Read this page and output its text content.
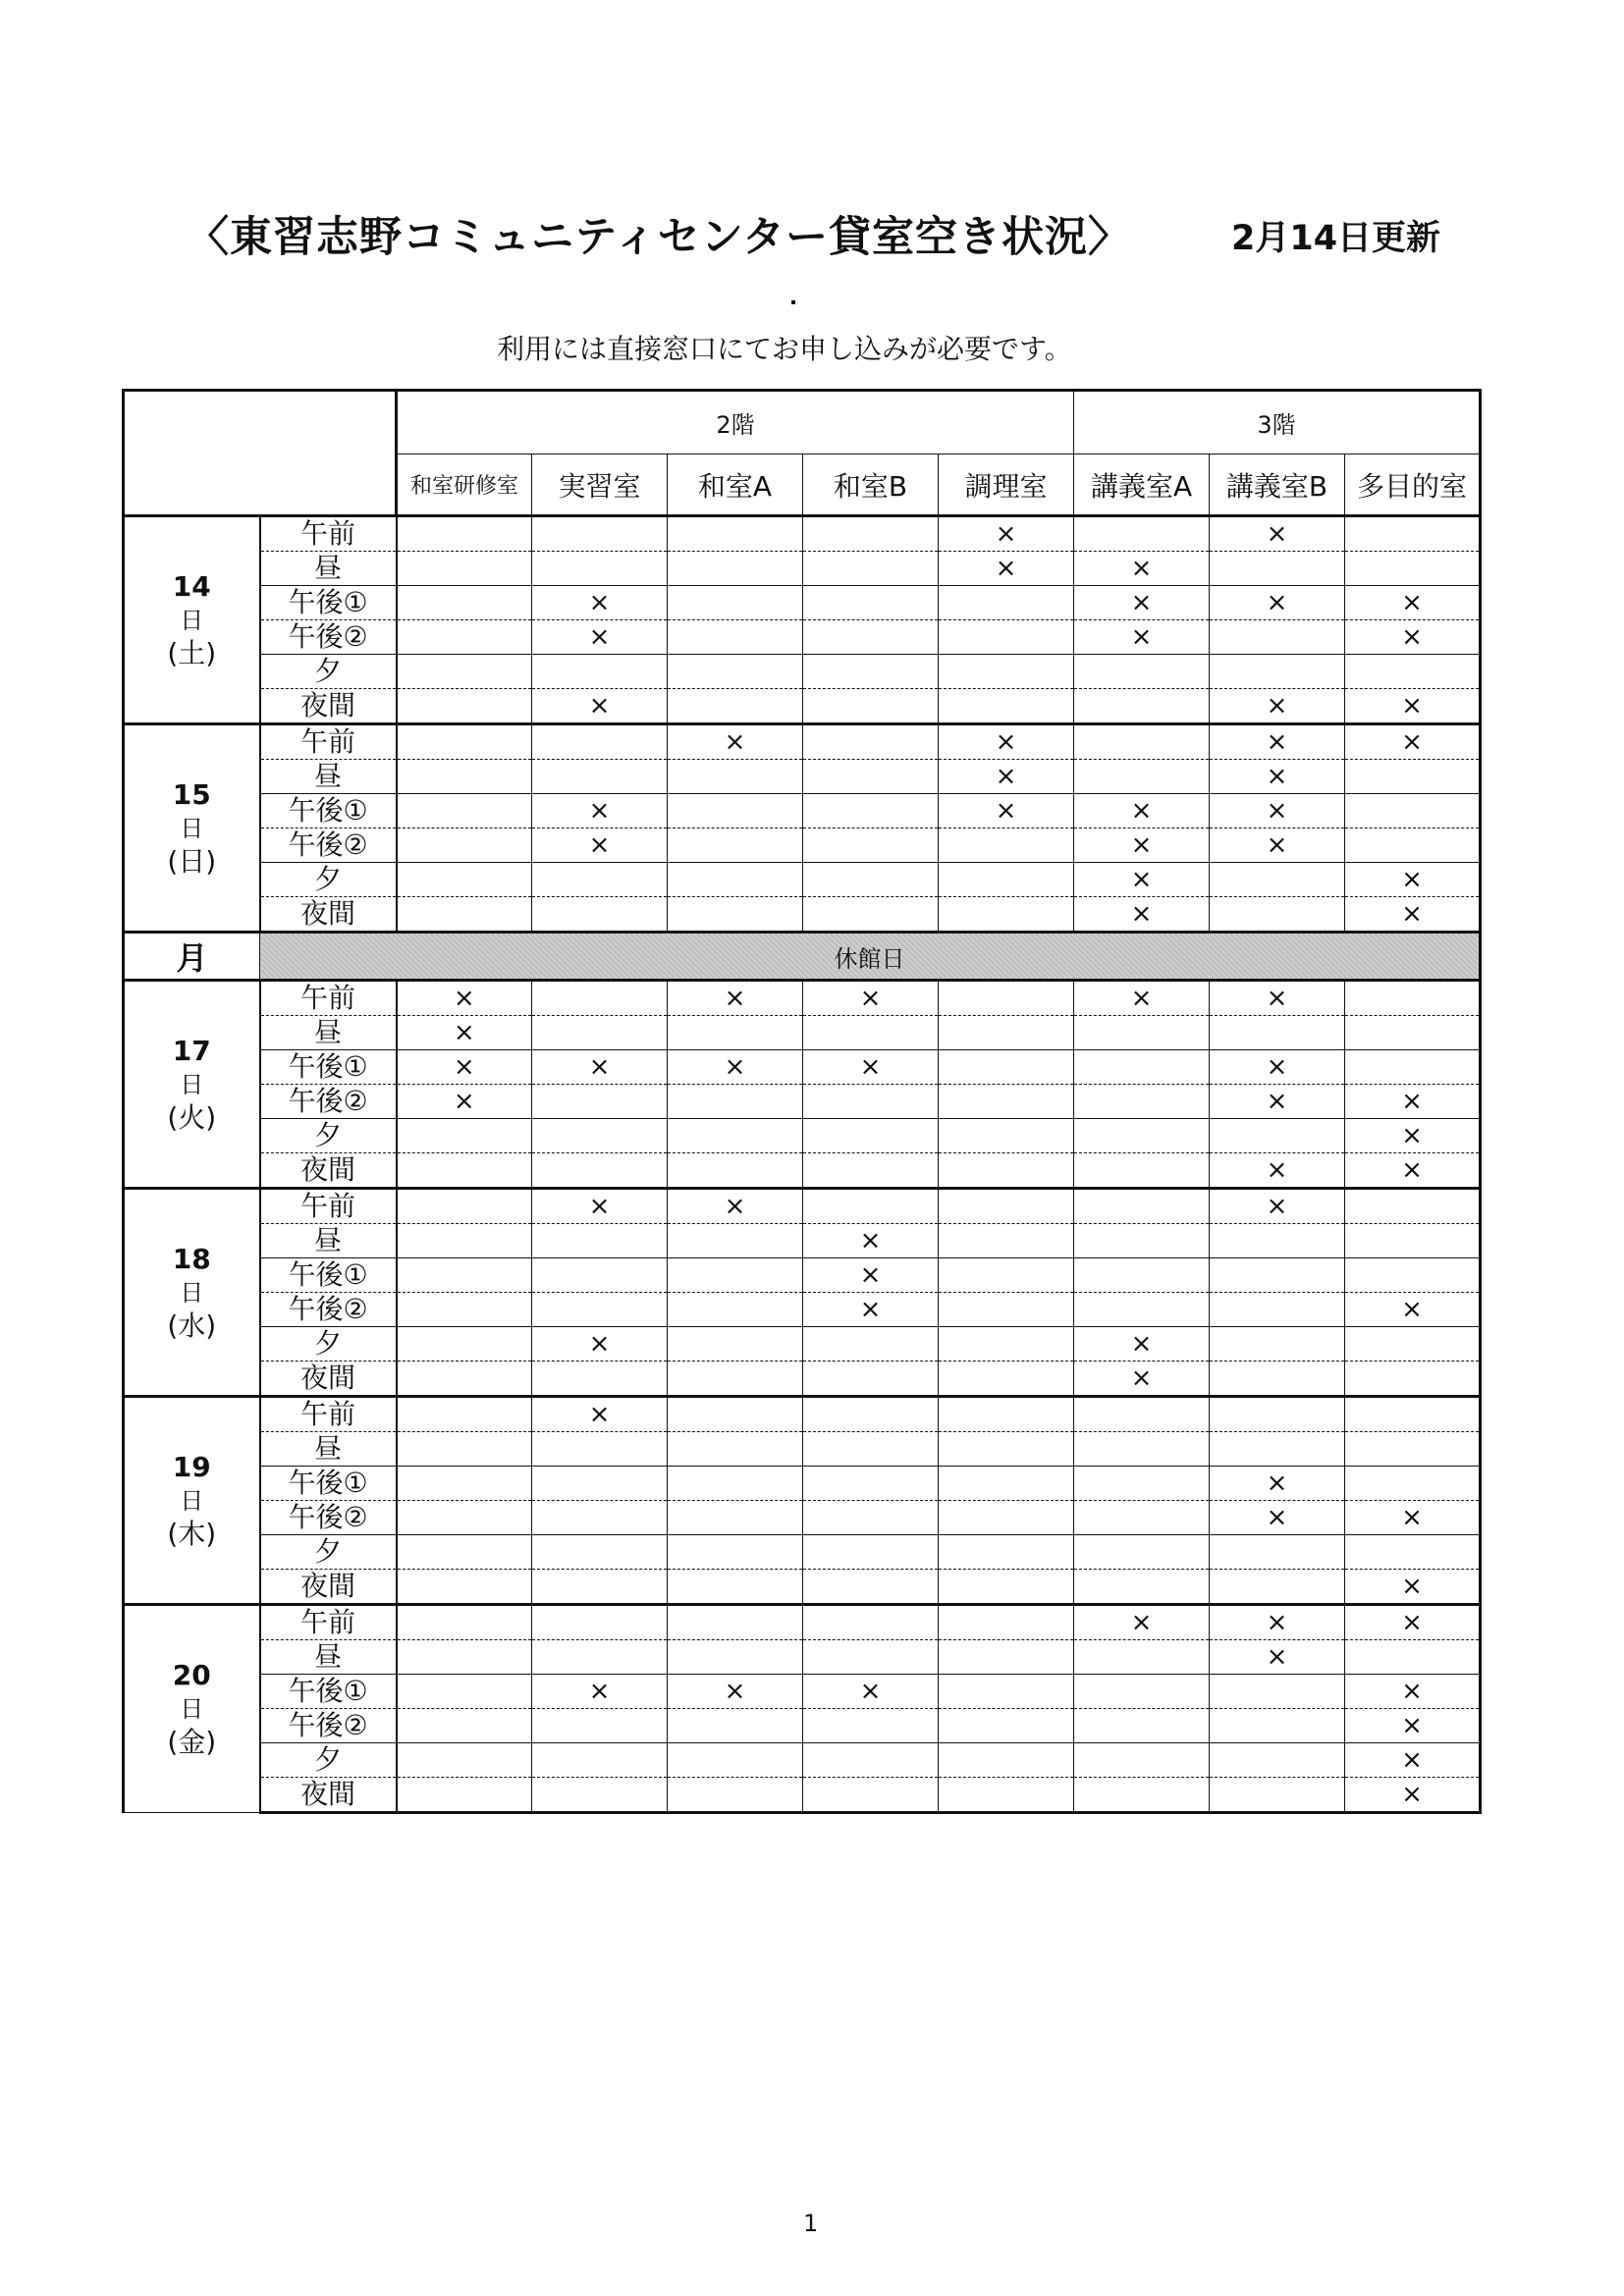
〈東習志野コミュニティセンター貸室空き状況〉	2月14日更新
利用には直接窓口にてお申し込みが必要です。
		2階					3階		
		和室研修室	実習室	和室A	和室B	調理室	講義室A	講義室B	多目的室

14
日
(土)	午前					×		×	
	昼					×	×		
	午後①		×				×	×	×
	午後②		×				×		×
	夕								
	夜間		×					×	×

15
日
(日)	午前			×		×		×	×
	昼					×		×	
	午後①		×			×	×	×	
	午後②		×				×	×	
	夕						×		×
	夜間						×		×
月	休館日								

17
日
(火)	午前	×		×	×		×	×	
	昼	×							
	午後①	×	×	×	×			×	
	午後②	×						×	×
	夕								×
	夜間							×	×

18
日
(水)	午前		×	×				×	
	昼				×				
	午後①				×				
	午後②				×				×
	夕		×				×		
	夜間						×		

19
日
(木)	午前		×						
	昼								
	午後①							×	
	午後②							×	×
	夕								
	夜間								×

20
日
(金)	午前						×	×	×
	昼							×	
	午後①		×	×	×				×
	午後②								×
	夕								×
	夜間								×
1
